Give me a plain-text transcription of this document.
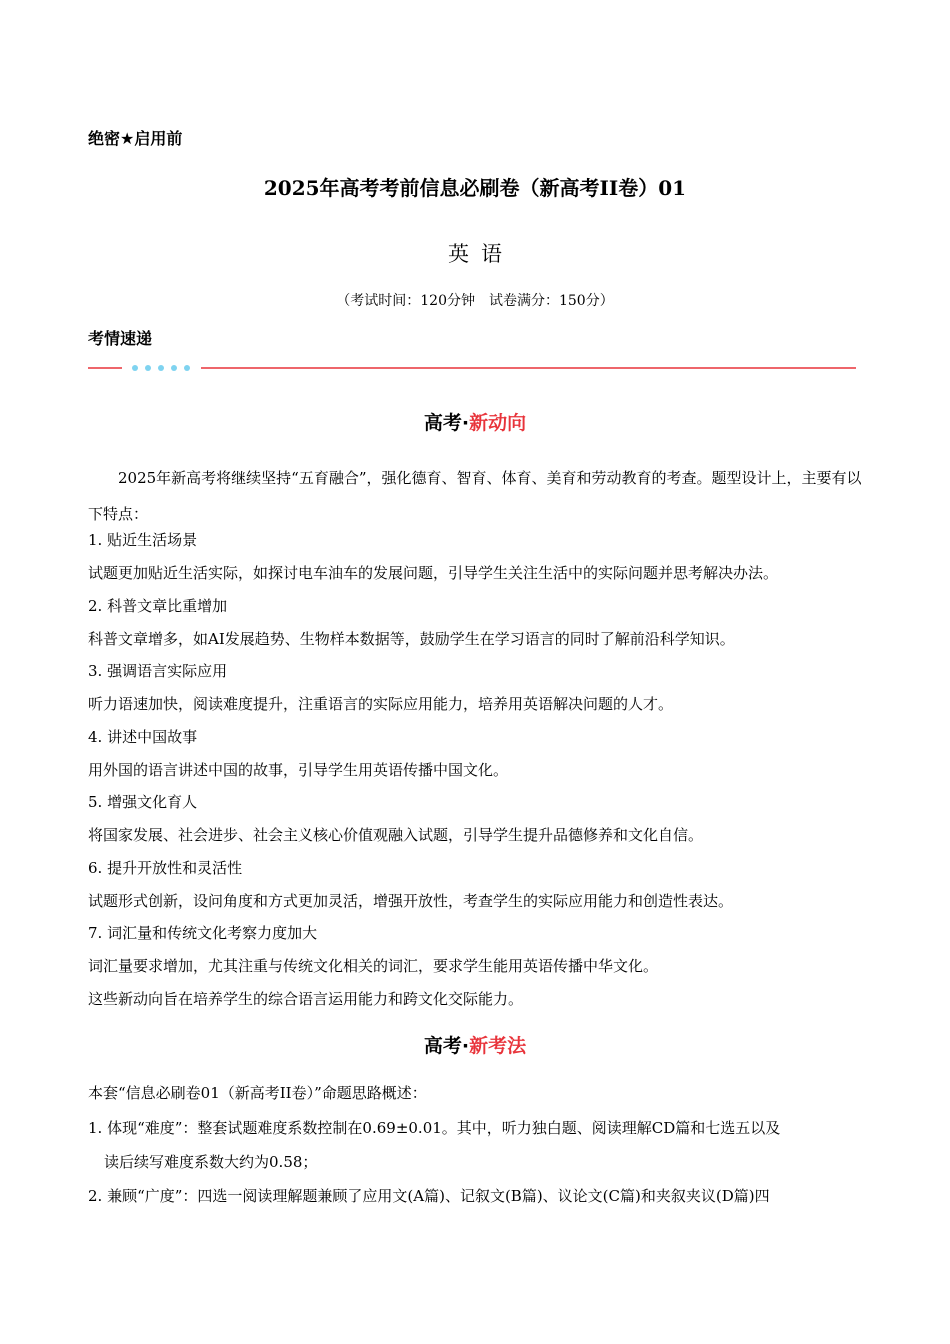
绝密★启用前
2025年高考考前信息必刷卷（新高考II卷）01
英语
（考试时间：120分钟　试卷满分：150分）
考情速递
高考·新动向
2025年新高考将继续坚持“五育融合”，强化德育、智育、体育、美育和劳动教育的考查。题型设计上，主要有以下特点：
1. 贴近生活场景
试题更加贴近生活实际，如探讨电车油车的发展问题，引导学生关注生活中的实际问题并思考解决办法。
2. 科普文章比重增加
科普文章增多，如AI发展趋势、生物样本数据等，鼓励学生在学习语言的同时了解前沿科学知识。
3. 强调语言实际应用
听力语速加快，阅读难度提升，注重语言的实际应用能力，培养用英语解决问题的人才。
4. 讲述中国故事
用外国的语言讲述中国的故事，引导学生用英语传播中国文化。
5. 增强文化育人
将国家发展、社会进步、社会主义核心价值观融入试题，引导学生提升品德修养和文化自信。
6. 提升开放性和灵活性
试题形式创新，设问角度和方式更加灵活，增强开放性，考查学生的实际应用能力和创造性表达。
7. 词汇量和传统文化考察力度加大
词汇量要求增加，尤其注重与传统文化相关的词汇，要求学生能用英语传播中华文化。
这些新动向旨在培养学生的综合语言运用能力和跨文化交际能力。
高考·新考法
本套“信息必刷卷01（新高考II卷）”命题思路概述：
1. 体现“难度”：整套试题难度系数控制在0.69±0.01。其中，听力独白题、阅读理解CD篇和七选五以及
读后续写难度系数大约为0.58；
2. 兼顾“广度”：四选一阅读理解题兼顾了应用文(A篇)、记叙文(B篇)、议论文(C篇)和夹叙夹议(D篇)四
